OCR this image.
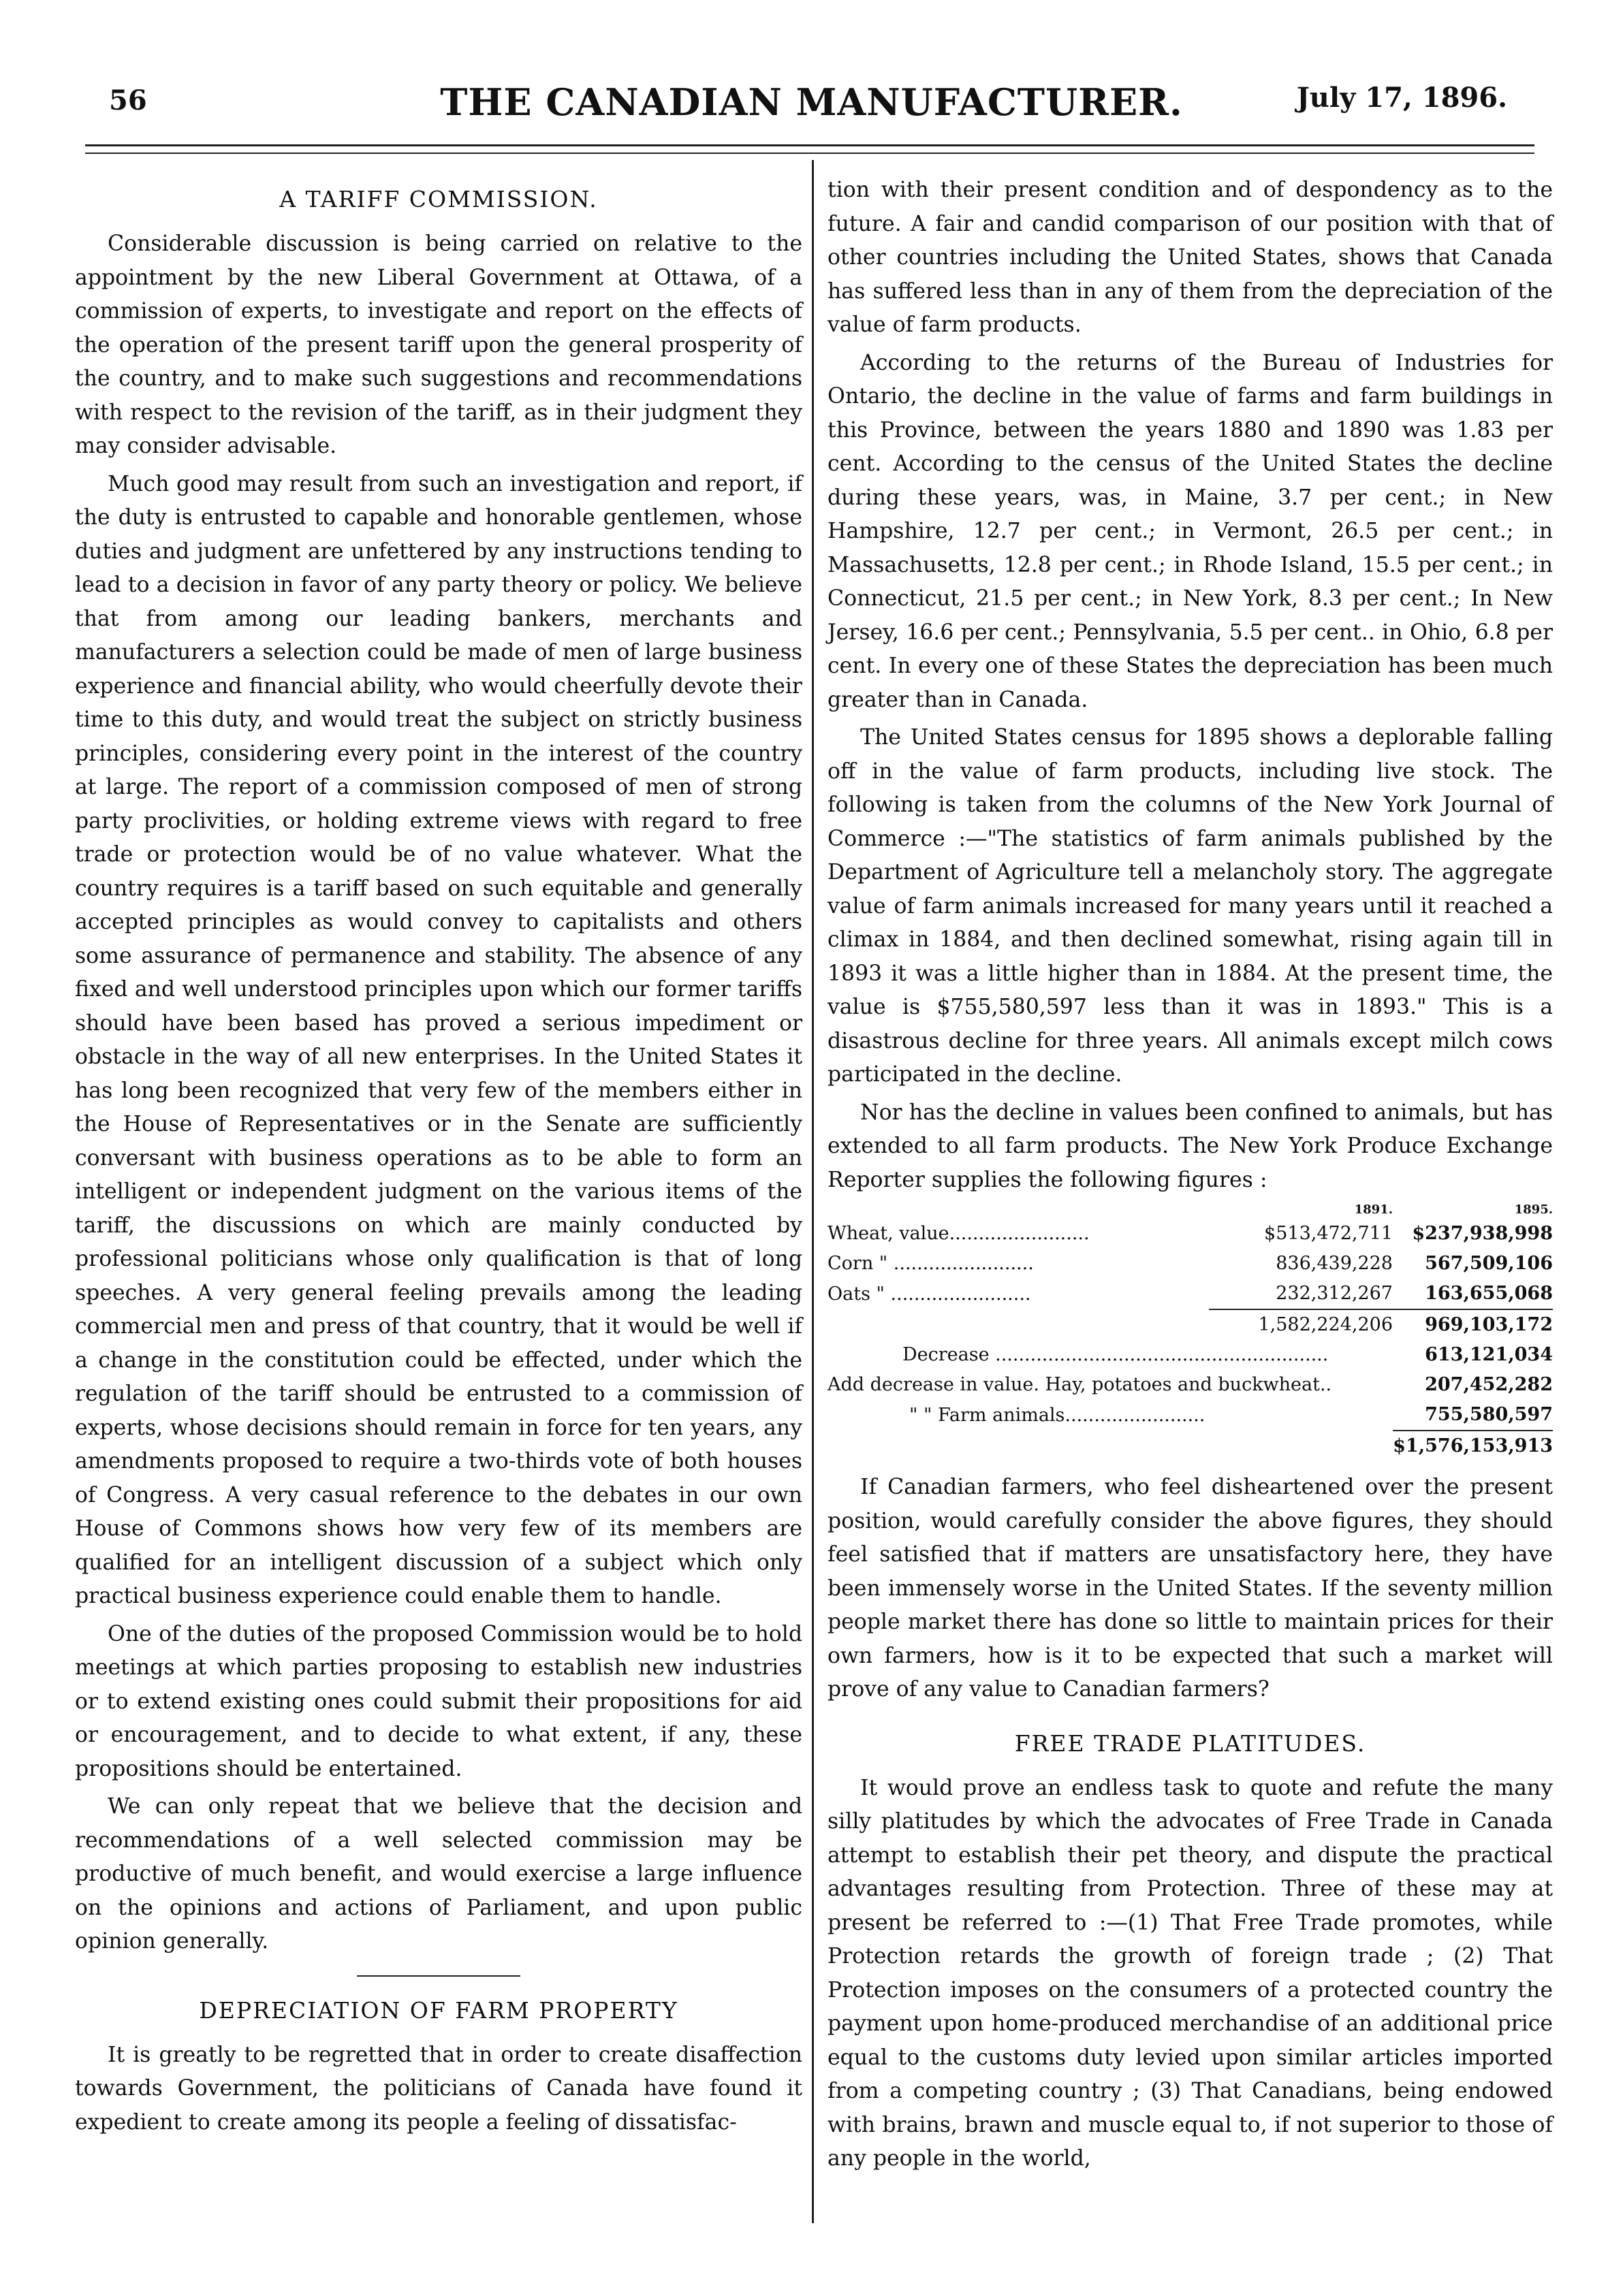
56	THE CANADIAN MANUFACTURER.	July 17, 1896.
A TARIFF COMMISSION.

Considerable discussion is being carried on relative to the appointment by the new Liberal Government at Ottawa, of a commission of experts, to investigate and report on the effects of the operation of the present tariff upon the general prosperity of the country, and to make such suggestions and recommendations with respect to the revision of the tariff, as in their judgment they may consider advisable.

Much good may result from such an investigation and report, if the duty is entrusted to capable and honorable gentlemen, whose duties and judgment are unfettered by any instructions tending to lead to a decision in favor of any party theory or policy. We believe that from among our leading bankers, merchants and manufacturers a selection could be made of men of large business experience and financial ability, who would cheerfully devote their time to this duty, and would treat the subject on strictly business principles, considering every point in the interest of the country at large. The report of a commission composed of men of strong party proclivities, or holding extreme views with regard to free trade or protection would be of no value whatever. What the country requires is a tariff based on such equitable and generally accepted principles as would convey to capitalists and others some assurance of permanence and stability. The absence of any fixed and well understood principles upon which our former tariffs should have been based has proved a serious impediment or obstacle in the way of all new enterprises. In the United States it has long been recognized that very few of the members either in the House of Representatives or in the Senate are sufficiently conversant with business operations as to be able to form an intelligent or independent judgment on the various items of the tariff, the discussions on which are mainly conducted by professional politicians whose only qualification is that of long speeches. A very general feeling prevails among the leading commercial men and press of that country, that it would be well if a change in the constitution could be effected, under which the regulation of the tariff should be entrusted to a commission of experts, whose decisions should remain in force for ten years, any amendments proposed to require a two-thirds vote of both houses of Congress. A very casual reference to the debates in our own House of Commons shows how very few of its members are qualified for an intelligent discussion of a subject which only practical business experience could enable them to handle.

One of the duties of the proposed Commission would be to hold meetings at which parties proposing to establish new industries or to extend existing ones could submit their propositions for aid or encouragement, and to decide to what extent, if any, these propositions should be entertained.

We can only repeat that we believe that the decision and recommendations of a well selected commission may be productive of much benefit, and would exercise a large influence on the opinions and actions of Parliament, and upon public opinion generally.

DEPRECIATION OF FARM PROPERTY

It is greatly to be regretted that in order to create disaffection towards Government, the politicians of Canada have found it expedient to create among its people a feeling of dissatisfac-

tion with their present condition and of despondency as to the future. A fair and candid comparison of our position with that of other countries including the United States, shows that Canada has suffered less than in any of them from the depreciation of the value of farm products.

According to the returns of the Bureau of Industries for Ontario, the decline in the value of farms and farm buildings in this Province, between the years 1880 and 1890 was 1.83 per cent. According to the census of the United States the decline during these years, was, in Maine, 3.7 per cent.; in New Hampshire, 12.7 per cent.; in Vermont, 26.5 per cent.; in Massachusetts, 12.8 per cent.; in Rhode Island, 15.5 per cent.; in Connecticut, 21.5 per cent.; in New York, 8.3 per cent.; In New Jersey, 16.6 per cent.; Pennsylvania, 5.5 per cent.. in Ohio, 6.8 per cent. In every one of these States the depreciation has been much greater than in Canada.

The United States census for 1895 shows a deplorable falling off in the value of farm products, including live stock. The following is taken from the columns of the New York Journal of Commerce :—"The statistics of farm animals published by the Department of Agriculture tell a melancholy story. The aggregate value of farm animals increased for many years until it reached a climax in 1884, and then declined somewhat, rising again till in 1893 it was a little higher than in 1884. At the present time, the value is $755,580,597 less than it was in 1893." This is a disastrous decline for three years. All animals except milch cows participated in the decline.

Nor has the decline in values been confined to animals, but has extended to all farm products. The New York Produce Exchange Reporter supplies the following figures :

	1891.	1895.
Wheat, value........................	$513,472,711	$237,938,998
Corn " ........................	836,439,228	567,509,106
Oats " ........................	232,312,267	163,655,068
	1,582,224,206	969,103,172
Decrease .........................................................		613,121,034
Add decrease in value. Hay, potatoes and buckwheat..		207,452,282
" " Farm animals........................		755,580,597
		$1,576,153,913

If Canadian farmers, who feel disheartened over the present position, would carefully consider the above figures, they should feel satisfied that if matters are unsatisfactory here, they have been immensely worse in the United States. If the seventy million people market there has done so little to maintain prices for their own farmers, how is it to be expected that such a market will prove of any value to Canadian farmers?

FREE TRADE PLATITUDES.

It would prove an endless task to quote and refute the many silly platitudes by which the advocates of Free Trade in Canada attempt to establish their pet theory, and dispute the practical advantages resulting from Protection. Three of these may at present be referred to :—(1) That Free Trade promotes, while Protection retards the growth of foreign trade ; (2) That Protection imposes on the consumers of a protected country the payment upon home-produced merchandise of an additional price equal to the customs duty levied upon similar articles imported from a competing country ; (3) That Canadians, being endowed with brains, brawn and muscle equal to, if not superior to those of any people in the world,
